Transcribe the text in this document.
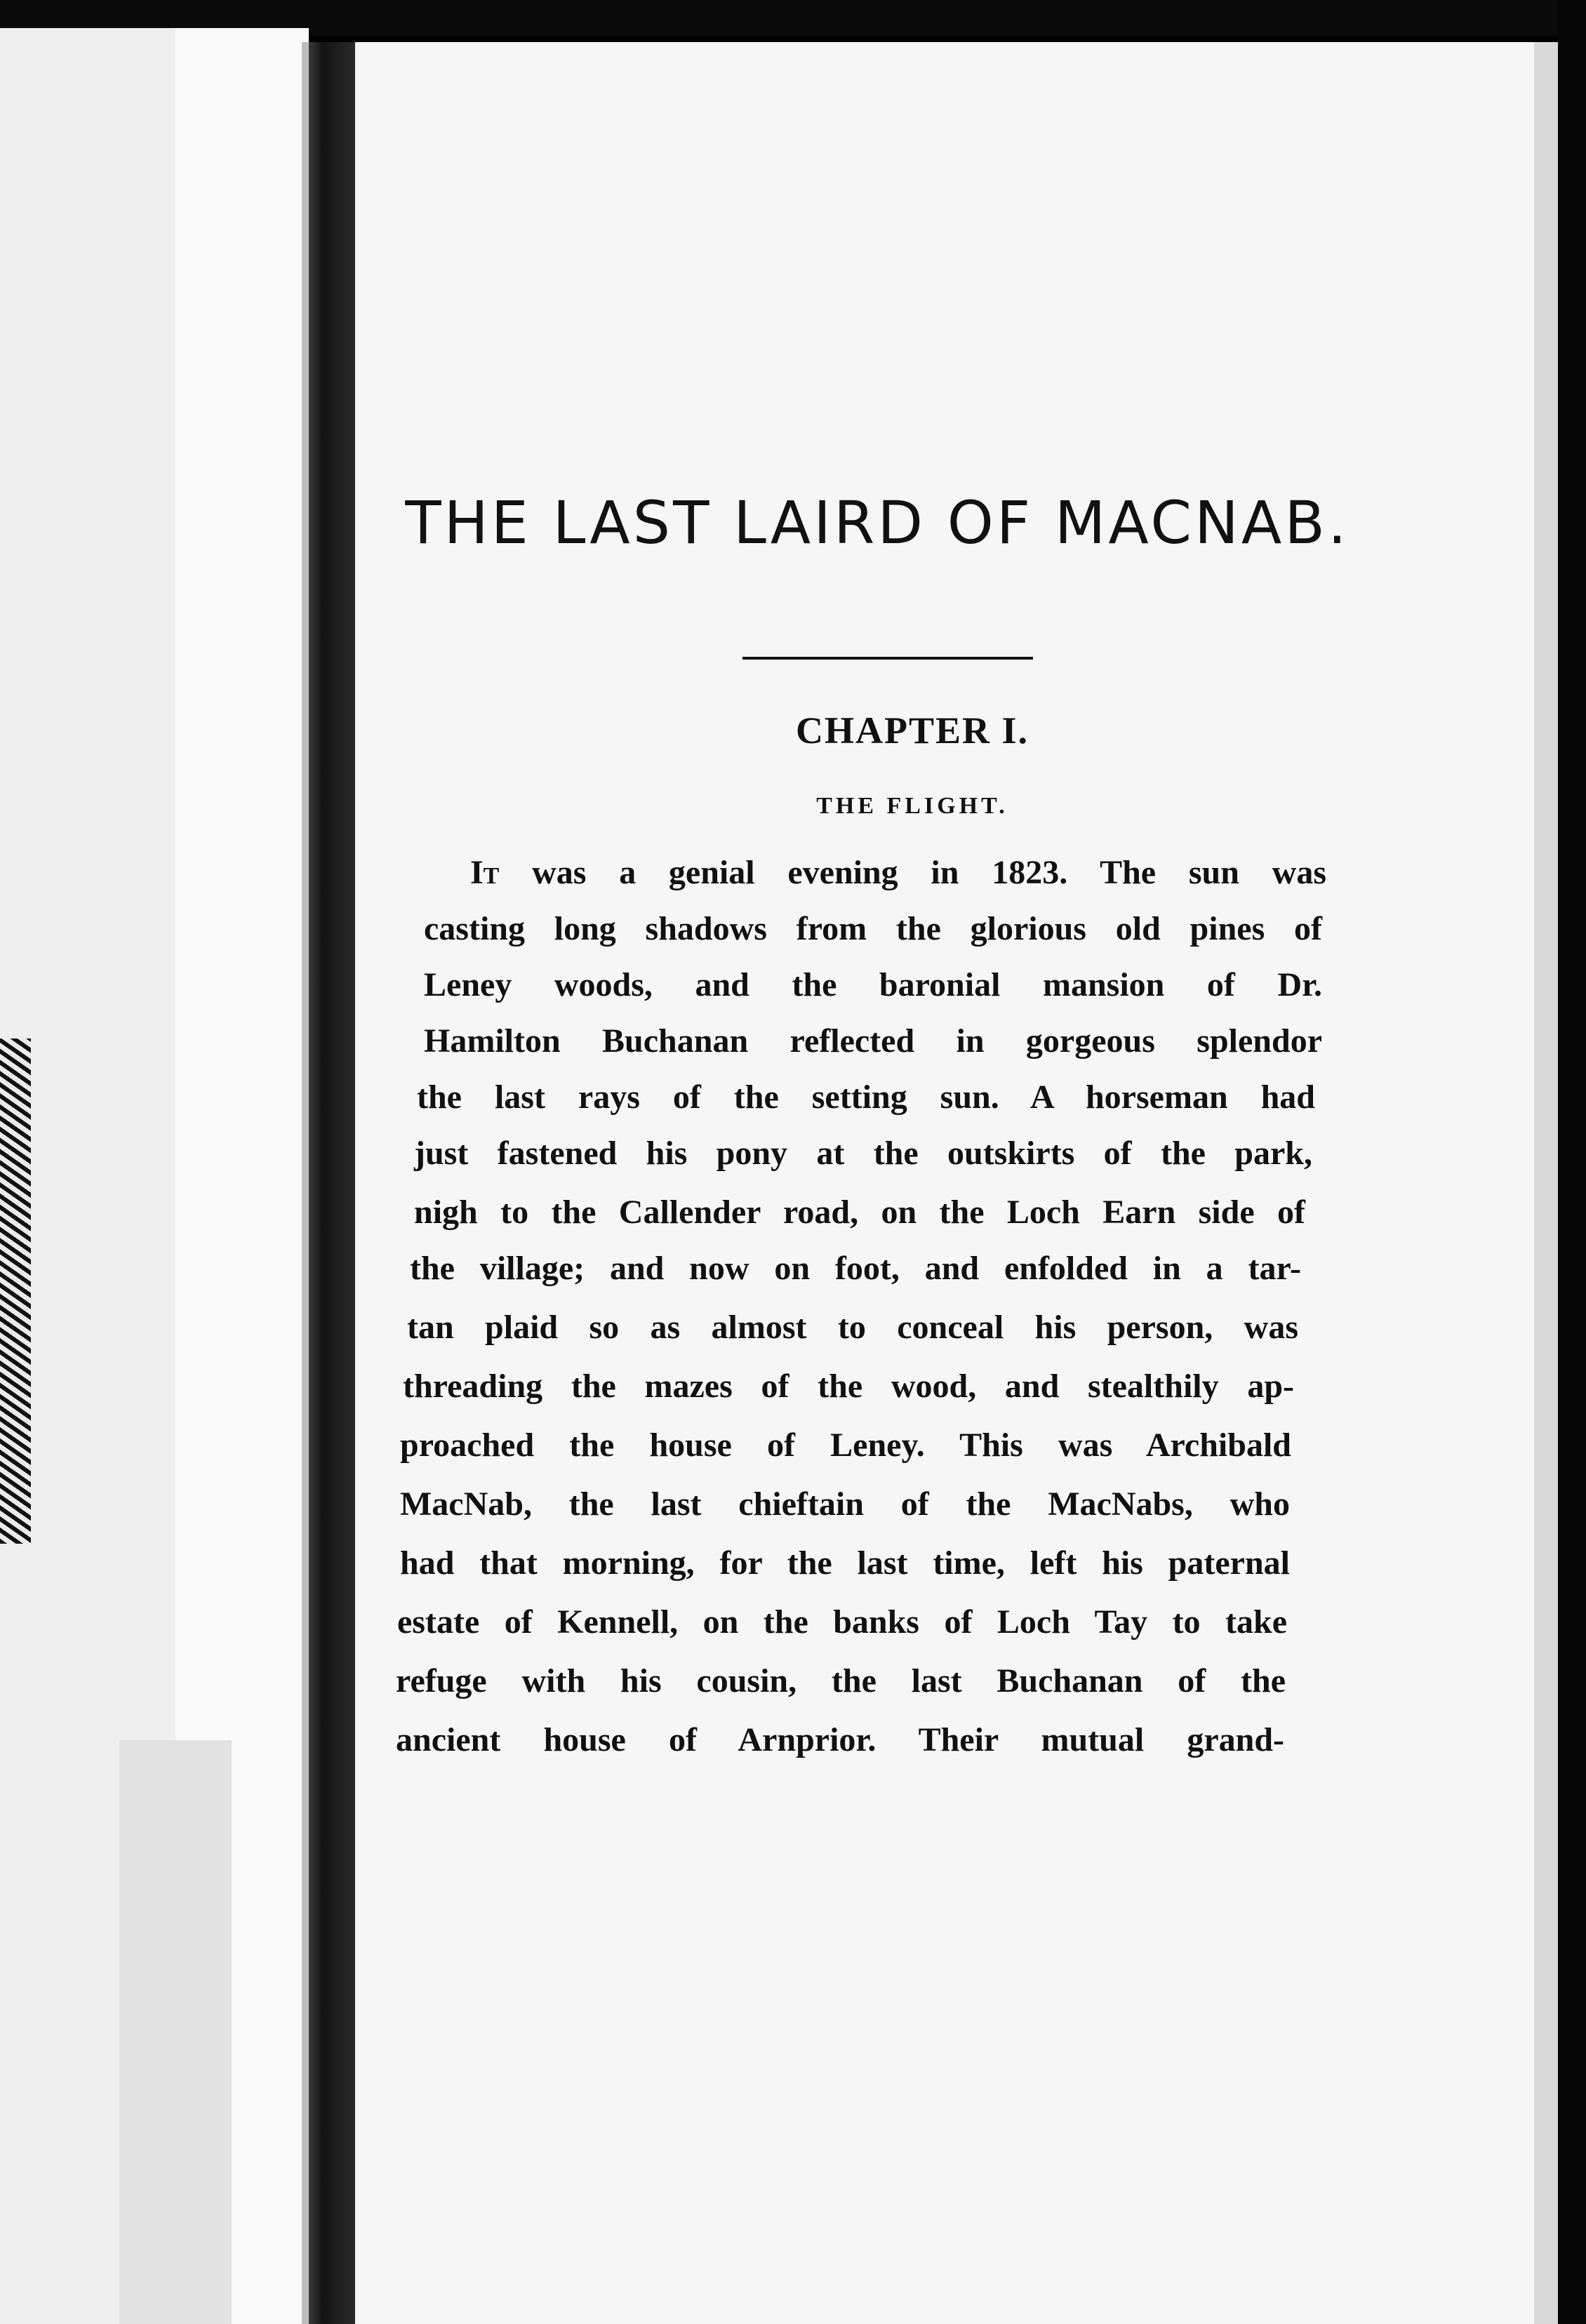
THE LAST LAIRD OF MACNAB.
CHAPTER I.
THE FLIGHT.
It was a genial evening in 1823. The sun was
casting long shadows from the glorious old pines of
Leney woods, and the baronial mansion of Dr.
Hamilton Buchanan reflected in gorgeous splendor
the last rays of the setting sun. A horseman had
just fastened his pony at the outskirts of the park,
nigh to the Callender road, on the Loch Earn side of
the village; and now on foot, and enfolded in a tar-
tan plaid so as almost to conceal his person, was
threading the mazes of the wood, and stealthily ap-
proached the house of Leney. This was Archibald
MacNab, the last chieftain of the MacNabs, who
had that morning, for the last time, left his paternal
estate of Kennell, on the banks of Loch Tay to take
refuge with his cousin, the last Buchanan of the
ancient house of Arnprior. Their mutual grand-
